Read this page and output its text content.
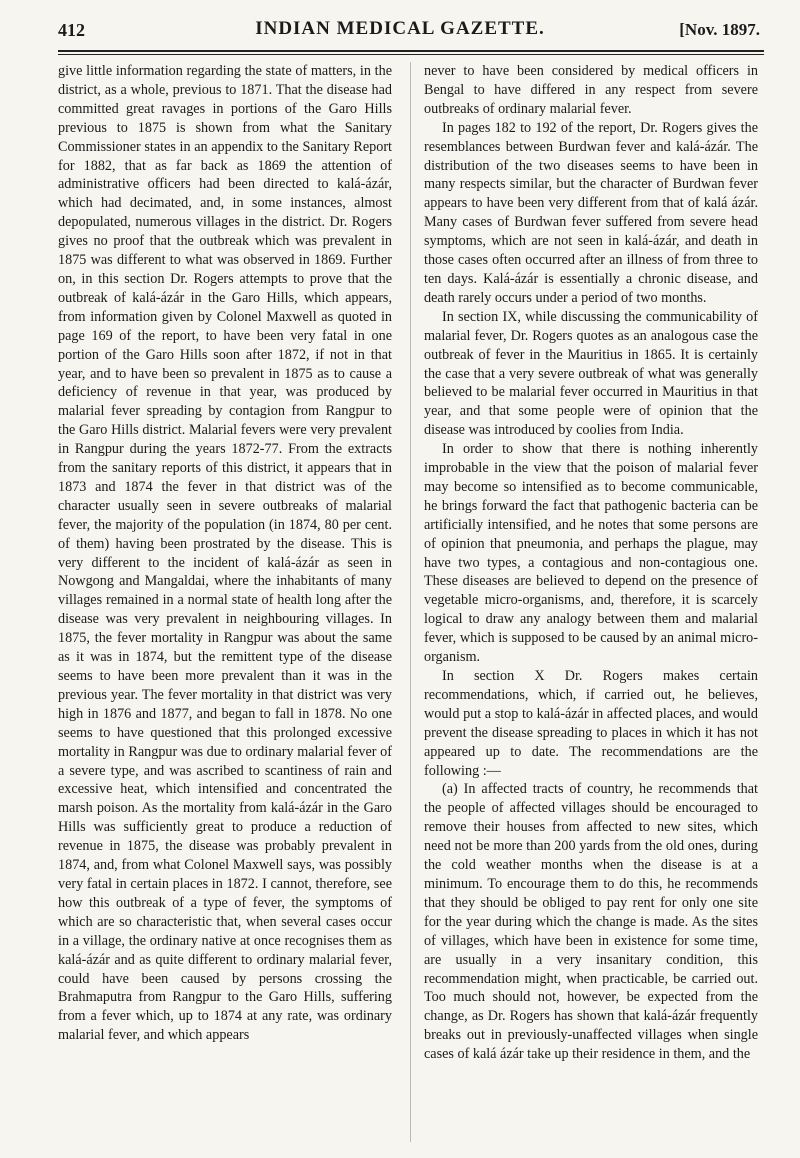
412	INDIAN MEDICAL GAZETTE.	[Nov. 1897.

give little information regarding the state of matters, in the district, as a whole, previous to 1871. That the disease had committed great ravages in portions of the Garo Hills previous to 1875 is shown from what the Sanitary Commissioner states in an appendix to the Sanitary Report for 1882, that as far back as 1869 the attention of administrative officers had been directed to kalá-ázár, which had decimated, and, in some instances, almost depopulated, numerous villages in the district. Dr. Rogers gives no proof that the outbreak which was prevalent in 1875 was different to what was observed in 1869. Further on, in this section Dr. Rogers attempts to prove that the outbreak of kalá-ázár in the Garo Hills, which appears, from information given by Colonel Maxwell as quoted in page 169 of the report, to have been very fatal in one portion of the Garo Hills soon after 1872, if not in that year, and to have been so prevalent in 1875 as to cause a deficiency of revenue in that year, was produced by malarial fever spreading by contagion from Rangpur to the Garo Hills district. Malarial fevers were very prevalent in Rangpur during the years 1872-77. From the extracts from the sanitary reports of this district, it appears that in 1873 and 1874 the fever in that district was of the character usually seen in severe outbreaks of malarial fever, the majority of the population (in 1874, 80 per cent. of them) having been prostrated by the disease. This is very different to the incident of kalá-ázár as seen in Nowgong and Mangaldai, where the inhabitants of many villages remained in a normal state of health long after the disease was very prevalent in neighbouring villages. In 1875, the fever mortality in Rangpur was about the same as it was in 1874, but the remittent type of the disease seems to have been more prevalent than it was in the previous year. The fever mortality in that district was very high in 1876 and 1877, and began to fall in 1878. No one seems to have questioned that this prolonged excessive mortality in Rangpur was due to ordinary malarial fever of a severe type, and was ascribed to scantiness of rain and excessive heat, which intensified and concentrated the marsh poison. As the mortality from kalá-ázár in the Garo Hills was sufficiently great to produce a reduction of revenue in 1875, the disease was probably prevalent in 1874, and, from what Colonel Maxwell says, was possibly very fatal in certain places in 1872. I cannot, therefore, see how this outbreak of a type of fever, the symptoms of which are so characteristic that, when several cases occur in a village, the ordinary native at once recognises them as kalá-ázár and as quite different to ordinary malarial fever, could have been caused by persons crossing the Brahmaputra from Rangpur to the Garo Hills, suffering from a fever which, up to 1874 at any rate, was ordinary malarial fever, and which appears

never to have been considered by medical officers in Bengal to have differed in any respect from severe outbreaks of ordinary malarial fever.

In pages 182 to 192 of the report, Dr. Rogers gives the resemblances between Burdwan fever and kalá-ázár. The distribution of the two diseases seems to have been in many respects similar, but the character of Burdwan fever appears to have been very different from that of kalá ázár. Many cases of Burdwan fever suffered from severe head symptoms, which are not seen in kalá-ázár, and death in those cases often occurred after an illness of from three to ten days. Kalá-ázár is essentially a chronic disease, and death rarely occurs under a period of two months.

In section IX, while discussing the communicability of malarial fever, Dr. Rogers quotes as an analogous case the outbreak of fever in the Mauritius in 1865. It is certainly the case that a very severe outbreak of what was generally believed to be malarial fever occurred in Mauritius in that year, and that some people were of opinion that the disease was introduced by coolies from India.

In order to show that there is nothing inherently improbable in the view that the poison of malarial fever may become so intensified as to become communicable, he brings forward the fact that pathogenic bacteria can be artificially intensified, and he notes that some persons are of opinion that pneumonia, and perhaps the plague, may have two types, a contagious and non-contagious one. These diseases are believed to depend on the presence of vegetable micro-organisms, and, therefore, it is scarcely logical to draw any analogy between them and malarial fever, which is supposed to be caused by an animal micro-organism.

In section X Dr. Rogers makes certain recommendations, which, if carried out, he believes, would put a stop to kalá-ázár in affected places, and would prevent the disease spreading to places in which it has not appeared up to date. The recommendations are the following :—

(a) In affected tracts of country, he recommends that the people of affected villages should be encouraged to remove their houses from affected to new sites, which need not be more than 200 yards from the old ones, during the cold weather months when the disease is at a minimum. To encourage them to do this, he recommends that they should be obliged to pay rent for only one site for the year during which the change is made. As the sites of villages, which have been in existence for some time, are usually in a very insanitary condition, this recommendation might, when practicable, be carried out. Too much should not, however, be expected from the change, as Dr. Rogers has shown that kalá-ázár frequently breaks out in previously-unaffected villages when single cases of kalá ázár take up their residence in them, and the
